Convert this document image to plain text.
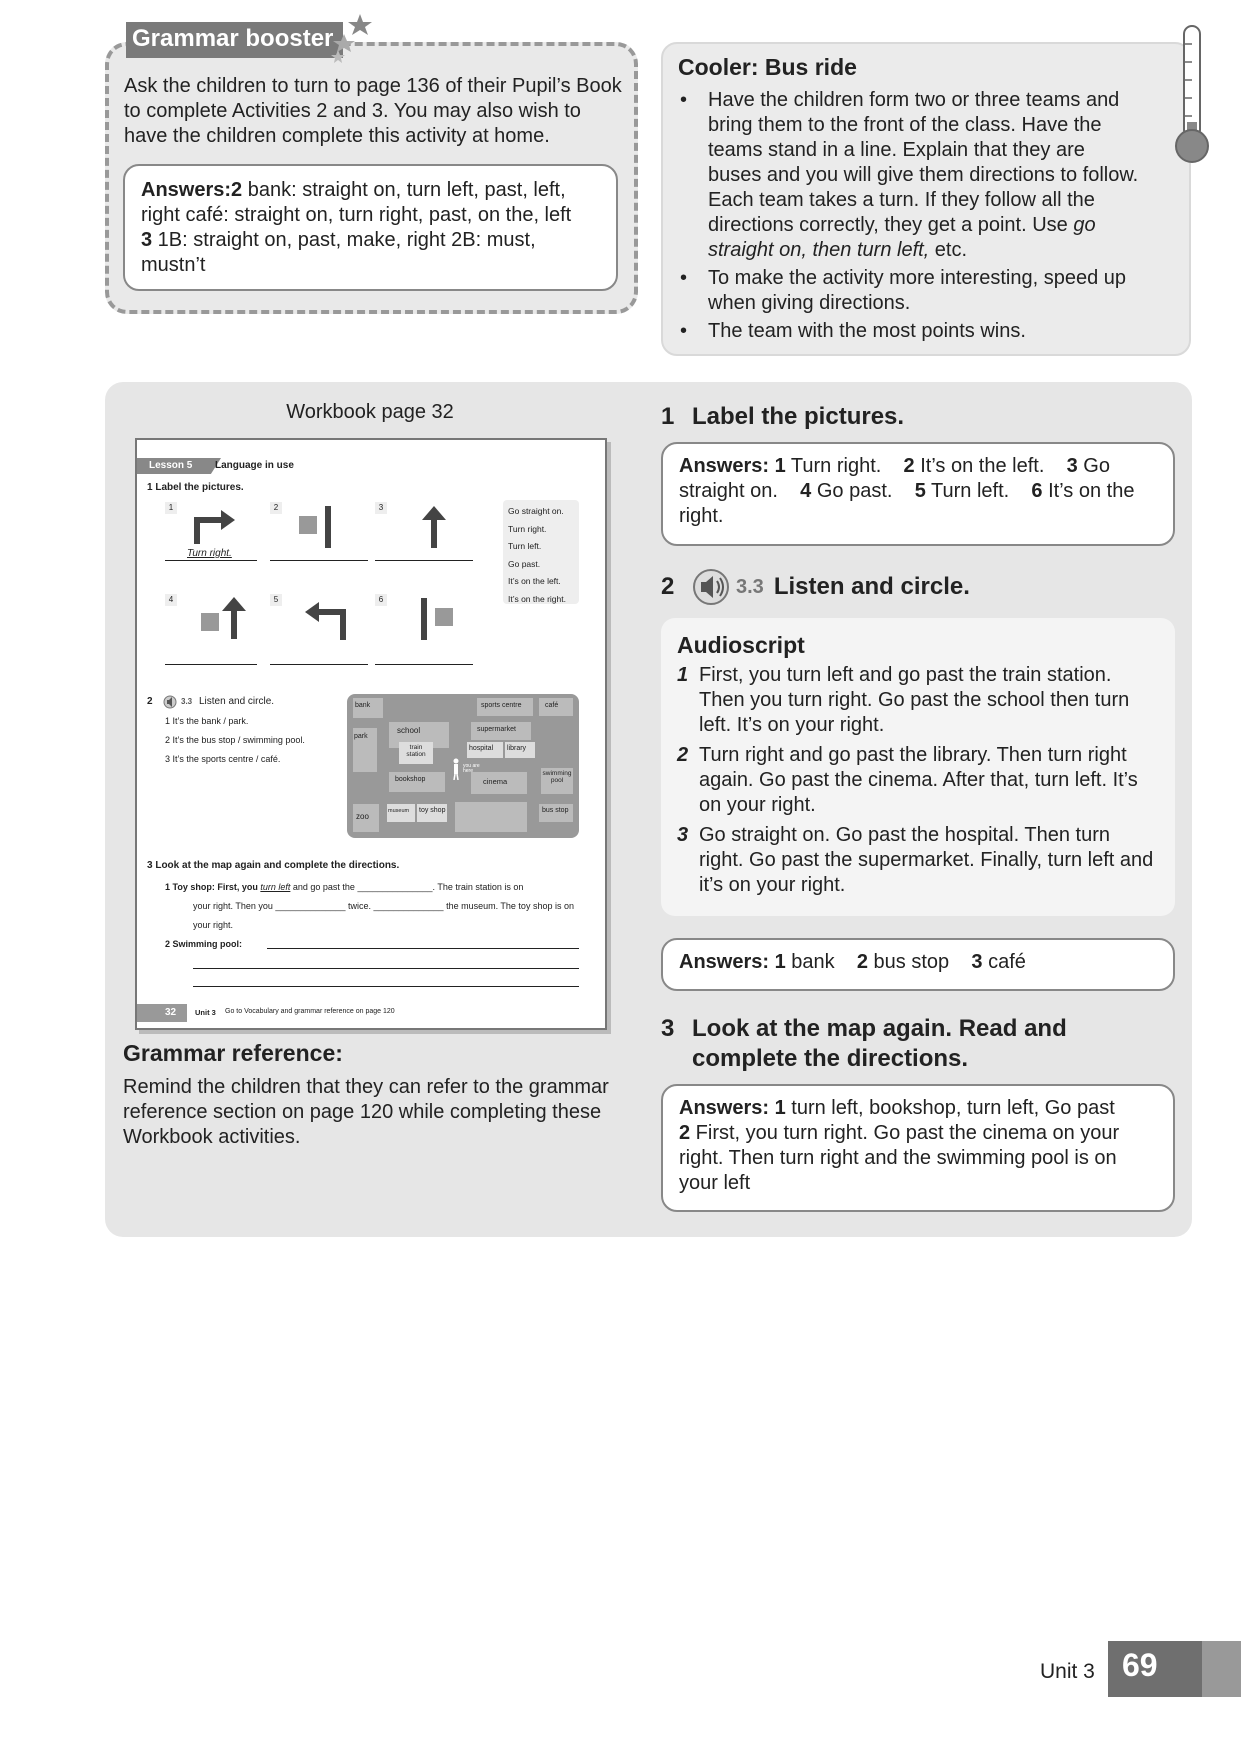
Grammar booster
Ask the children to turn to page 136 of their Pupil’s Book to complete Activities 2 and 3. You may also wish to have the children complete this activity at home.
Answers:2 bank: straight on, turn left, past, left, right café: straight on, turn right, past, on the, left
3 1B: straight on, past, make, right 2B: must, mustn’t
Cooler: Bus ride
• Have the children form two or three teams and bring them to the front of the class. Have the teams stand in a line. Explain that they are buses and you will give them directions to follow. Each team takes a turn. If they follow all the directions correctly, they get a point. Use go straight on, then turn left, etc.
• To make the activity more interesting, speed up when giving directions.
• The team with the most points wins.
Workbook page 32
Lesson 5 Language in use
1 Label the pictures.
1
Turn right.
2	3	Go straight on.
Turn right.
Turn left.
Go past.
It’s on the left.
It’s on the right.
4	5	6
2	3.3 Listen and circle.
1 It’s the bank / park.
2 It’s the bus stop / swimming pool.
3 It’s the sports centre / café.
bank	sports centre	café
park
school	supermarket
train station
hospital library
bookshop	cinema
swimming pool
zoo
museum toy shop	bus stop
you are here
3 Look at the map again and complete the directions.
1 Toy shop: First, you turn left and go past the _______________. The train station is on
your right. Then you ______________ twice. ______________ the museum. The toy shop is on
your right.
2 Swimming pool:
32	Unit 3 Go to Vocabulary and grammar reference on page 120
Grammar reference:
Remind the children that they can refer to the grammar reference section on page 120 while completing these Workbook activities.
1 Label the pictures.
Answers: 1 Turn right.    2 It’s on the left.    3 Go straight on.    4 Go past.    5 Turn left.    6 It’s on the right.
2	3.3 Listen and circle.
Audioscript
1 First, you turn left and go past the train station. Then you turn right. Go past the school then turn left. It’s on your right.
2 Turn right and go past the library. Then turn right again. Go past the cinema. After that, turn left. It’s on your right.
3 Go straight on. Go past the hospital. Then turn right. Go past the supermarket. Finally, turn left and it’s on your right.
Answers: 1 bank    2 bus stop    3 café
3 Look at the map again. Read and
complete the directions.
Answers: 1 turn left, bookshop, turn left, Go past
2 First, you turn right. Go past the cinema on your right. Then turn right and the swimming pool is on your left
Unit 3 69
